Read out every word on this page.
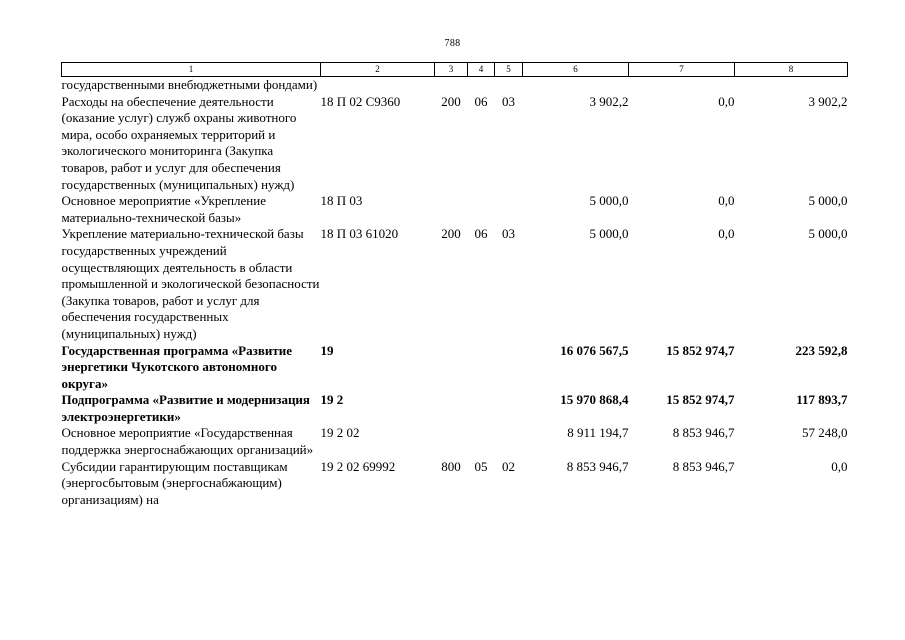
788
1	2	3	4	5	6	7	8
государственными внебюджетными фондами)							
Расходы на обеспечение деятельности (оказание услуг) служб охраны животного мира, особо охраняемых территорий и экологического мониторинга (Закупка товаров, работ и услуг для обеспечения государственных (муниципальных) нужд)	18 П 02 С9360	200	06	03	3 902,2	0,0	3 902,2
Основное мероприятие «Укрепление материально-технической базы»	18 П 03				5 000,0	0,0	5 000,0
Укрепление материально-технической базы государственных учреждений осуществляющих деятельность в области промышленной и экологической безопасности (Закупка товаров, работ и услуг для обеспечения государственных (муниципальных) нужд)	18 П 03 61020	200	06	03	5 000,0	0,0	5 000,0
Государственная программа «Развитие энергетики Чукотского автономного округа»	19				16 076 567,5	15 852 974,7	223 592,8
Подпрограмма «Развитие и модернизация электроэнергетики»	19 2				15 970 868,4	15 852 974,7	117 893,7
Основное мероприятие «Государственная поддержка энергоснабжающих организаций»	19 2 02				8 911 194,7	8 853 946,7	57 248,0
Субсидии гарантирующим поставщикам (энергосбытовым (энергоснабжающим) организациям) на	19 2 02 69992	800	05	02	8 853 946,7	8 853 946,7	0,0
